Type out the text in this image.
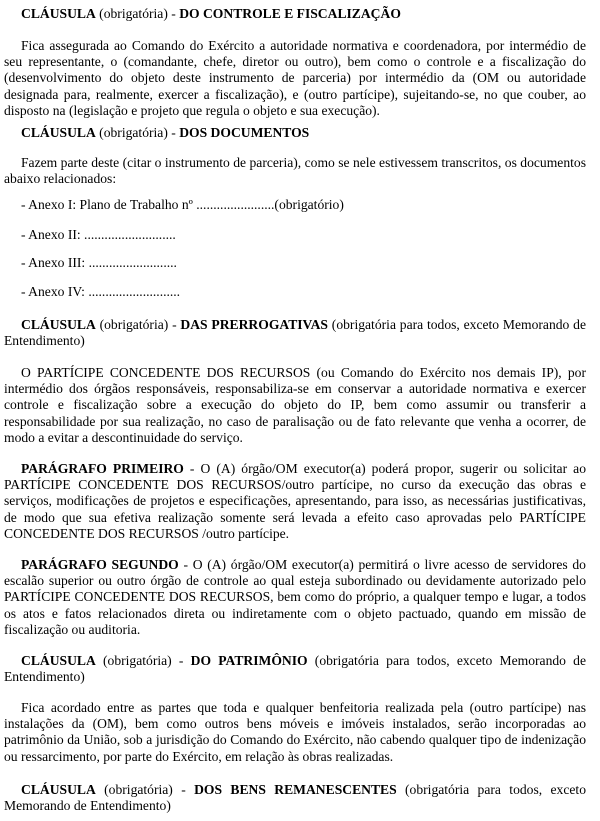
CLÁUSULA (obrigatória) - DO CONTROLE E FISCALIZAÇÃO

Fica assegurada ao Comando do Exército a autoridade normativa e coordenadora, por intermédio de seu representante, o (comandante, chefe, diretor ou outro), bem como o controle e a fiscalização do (desenvolvimento do objeto deste instrumento de parceria) por intermédio da (OM ou autoridade designada para, realmente, exercer a fiscalização), e (outro partícipe), sujeitando-se, no que couber, ao disposto na (legislação e projeto que regula o objeto e sua execução).

CLÁUSULA (obrigatória) - DOS DOCUMENTOS

Fazem parte deste (citar o instrumento de parceria), como se nele estivessem transcritos, os documentos abaixo relacionados:

- Anexo I: Plano de Trabalho nº .......................(obrigatório)
- Anexo II: ...........................
- Anexo III: ..........................
- Anexo IV: ...........................

CLÁUSULA (obrigatória) - DAS PRERROGATIVAS (obrigatória para todos, exceto Memorando de Entendimento)

O PARTÍCIPE CONCEDENTE DOS RECURSOS (ou Comando do Exército nos demais IP), por intermédio dos órgãos responsáveis, responsabiliza-se em conservar a autoridade normativa e exercer controle e fiscalização sobre a execução do objeto do IP, bem como assumir ou transferir a responsabilidade por sua realização, no caso de paralisação ou de fato relevante que venha a ocorrer, de modo a evitar a descontinuidade do serviço.

PARÁGRAFO PRIMEIRO - O (A) órgão/OM executor(a) poderá propor, sugerir ou solicitar ao PARTÍCIPE CONCEDENTE DOS RECURSOS/outro partícipe, no curso da execução das obras e serviços, modificações de projetos e especificações, apresentando, para isso, as necessárias justificativas, de modo que sua efetiva realização somente será levada a efeito caso aprovadas pelo PARTÍCIPE CONCEDENTE DOS RECURSOS /outro partícipe.

PARÁGRAFO SEGUNDO - O (A) órgão/OM executor(a) permitirá o livre acesso de servidores do escalão superior ou outro órgão de controle ao qual esteja subordinado ou devidamente autorizado pelo PARTÍCIPE CONCEDENTE DOS RECURSOS, bem como do próprio, a qualquer tempo e lugar, a todos os atos e fatos relacionados direta ou indiretamente com o objeto pactuado, quando em missão de fiscalização ou auditoria.

CLÁUSULA (obrigatória) - DO PATRIMÔNIO (obrigatória para todos, exceto Memorando de Entendimento)

Fica acordado entre as partes que toda e qualquer benfeitoria realizada pela (outro partícipe) nas instalações da (OM), bem como outros bens móveis e imóveis instalados, serão incorporadas ao patrimônio da União, sob a jurisdição do Comando do Exército, não cabendo qualquer tipo de indenização ou ressarcimento, por parte do Exército, em relação às obras realizadas.

CLÁUSULA (obrigatória) - DOS BENS REMANESCENTES (obrigatória para todos, exceto Memorando de Entendimento)
